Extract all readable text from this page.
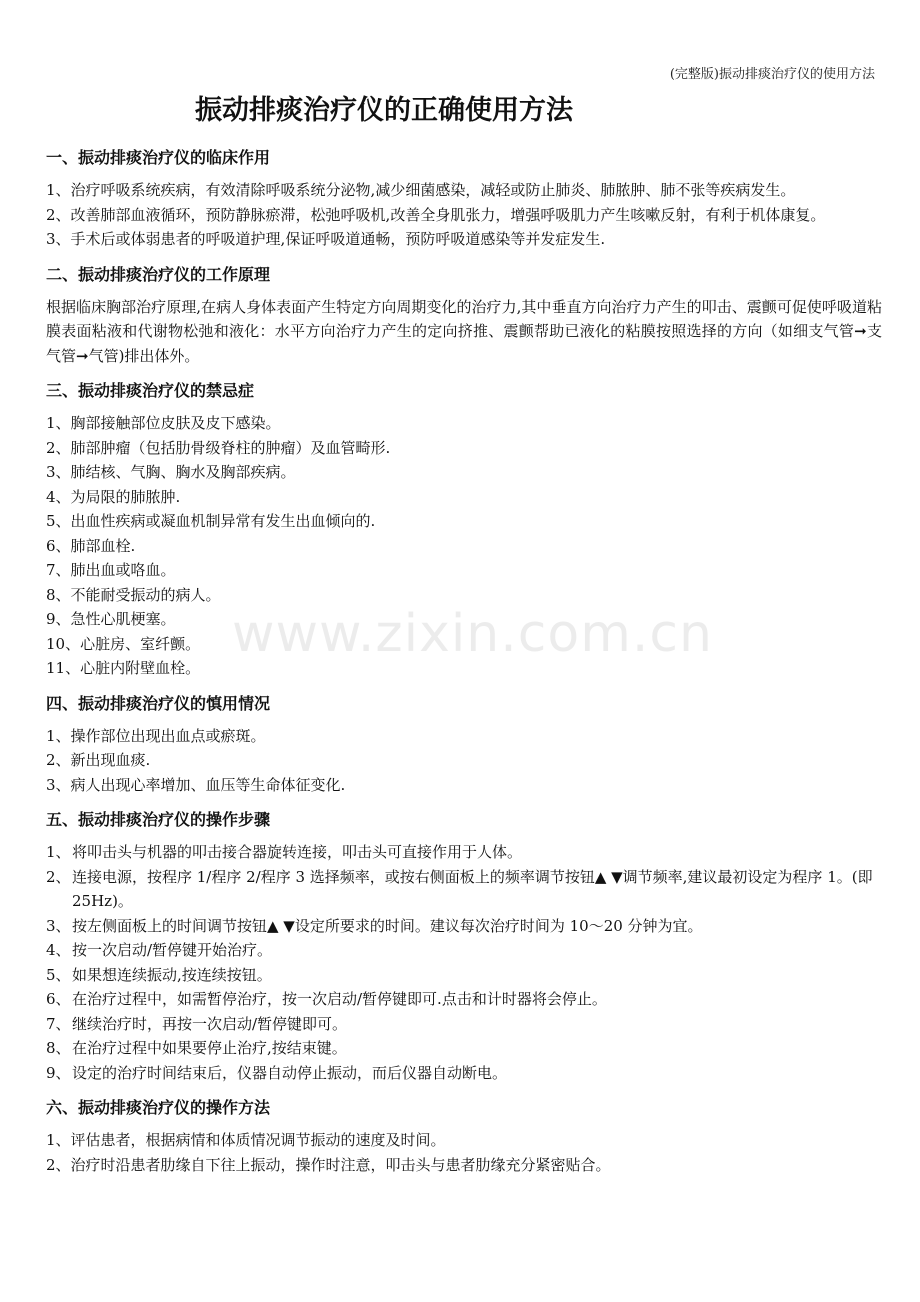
(完整版)振动排痰治疗仪的使用方法
振动排痰治疗仪的正确使用方法
www.zixin.com.cn
一、振动排痰治疗仪的临床作用

1、治疗呼吸系统疾病，有效清除呼吸系统分泌物,减少细菌感染，减轻或防止肺炎、肺脓肿、肺不张等疾病发生。

2、改善肺部血液循环，预防静脉瘀滞，松弛呼吸机,改善全身肌张力，增强呼吸肌力产生咳嗽反射，有利于机体康复。

3、手术后或体弱患者的呼吸道护理,保证呼吸道通畅，预防呼吸道感染等并发症发生.

二、振动排痰治疗仪的工作原理

根据临床胸部治疗原理,在病人身体表面产生特定方向周期变化的治疗力,其中垂直方向治疗力产生的叩击、震颤可促使呼吸道粘膜表面粘液和代谢物松弛和液化：水平方向治疗力产生的定向挤推、震颤帮助已液化的粘膜按照选择的方向（如细支气管➞支气管➞气管)排出体外。

三、振动排痰治疗仪的禁忌症

1、胸部接触部位皮肤及皮下感染。

2、肺部肿瘤（包括肋骨级脊柱的肿瘤）及血管畸形.

3、肺结核、气胸、胸水及胸部疾病。

4、为局限的肺脓肿.

5、出血性疾病或凝血机制异常有发生出血倾向的.

6、肺部血栓.

7、肺出血或咯血。

8、不能耐受振动的病人。

9、急性心肌梗塞。

10、心脏房、室纤颤。

11、心脏内附壁血栓。

四、振动排痰治疗仪的慎用情况

1、操作部位出现出血点或瘀斑。

2、新出现血痰.

3、病人出现心率增加、血压等生命体征变化.

五、振动排痰治疗仪的操作步骤
1、 将叩击头与机器的叩击接合器旋转连接，叩击头可直接作用于人体。
2、 连接电源，按程序 1/程序 2/程序 3 选择频率，或按右侧面板上的频率调节按钮▲ ▼调节频率,建议最初设定为程序 1。(即 25Hz)。
3、 按左侧面板上的时间调节按钮▲ ▼设定所要求的时间。建议每次治疗时间为 10～20 分钟为宜。
4、 按一次启动/暂停键开始治疗。
5、 如果想连续振动,按连续按钮。
6、 在治疗过程中，如需暂停治疗，按一次启动/暂停键即可.点击和计时器将会停止。
7、 继续治疗时，再按一次启动/暂停键即可。
8、 在治疗过程中如果要停止治疗,按结束键。
9、 设定的治疗时间结束后，仪器自动停止振动，而后仪器自动断电。
六、振动排痰治疗仪的操作方法

1、评估患者，根据病情和体质情况调节振动的速度及时间。

2、治疗时沿患者肋缘自下往上振动，操作时注意，叩击头与患者肋缘充分紧密贴合。
